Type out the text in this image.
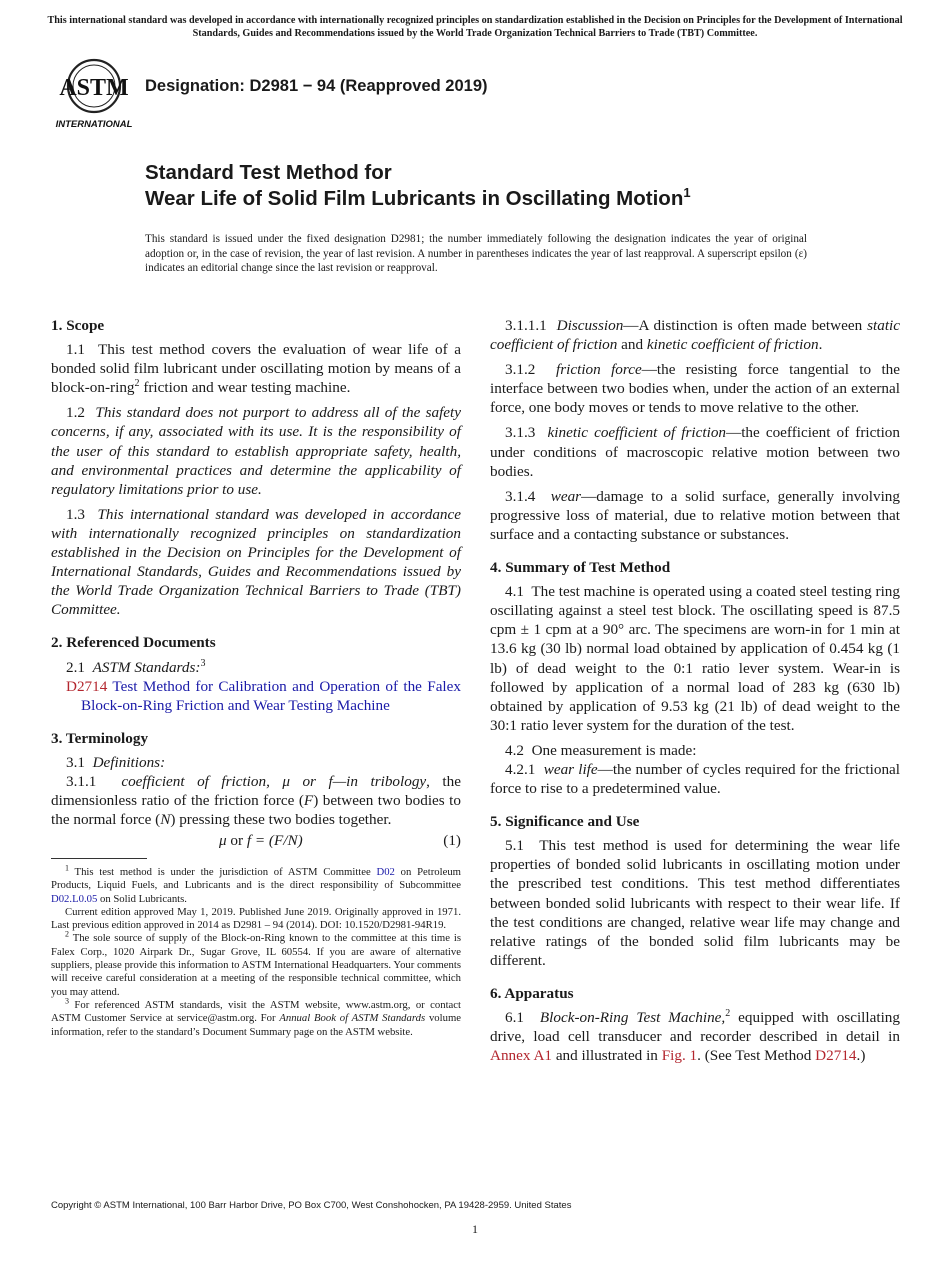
This international standard was developed in accordance with internationally recognized principles on standardization established in the Decision on Principles for the Development of International Standards, Guides and Recommendations issued by the World Trade Organization Technical Barriers to Trade (TBT) Committee.
ASTM
INTERNATIONAL
Designation: D2981 − 94 (Reapproved 2019)
Standard Test Method for
Wear Life of Solid Film Lubricants in Oscillating Motion$^1$
This standard is issued under the fixed designation D2981; the number immediately following the designation indicates the year of original adoption or, in the case of revision, the year of last revision. A number in parentheses indicates the year of last reapproval. A superscript epsilon (ε) indicates an editorial change since the last revision or reapproval.
1. Scope

1.1 This test method covers the evaluation of wear life of a bonded solid film lubricant under oscillating motion by means of a block-on-ring$^2$ friction and wear testing machine.

1.2 This standard does not purport to address all of the safety concerns, if any, associated with its use. It is the responsibility of the user of this standard to establish appropriate safety, health, and environmental practices and determine the applicability of regulatory limitations prior to use.

1.3 This international standard was developed in accordance with internationally recognized principles on standardization established in the Decision on Principles for the Development of International Standards, Guides and Recommendations issued by the World Trade Organization Technical Barriers to Trade (TBT) Committee.

2. Referenced Documents

2.1 ASTM Standards:$^3$

D2714 Test Method for Calibration and Operation of the Falex Block-on-Ring Friction and Wear Testing Machine

3. Terminology

3.1 Definitions:

3.1.1 coefficient of friction, μ or f—in tribology, the dimensionless ratio of the friction force (F) between two bodies to the normal force (N) pressing these two bodies together.

μ or f = (F/N)	(1)

$^1$ This test method is under the jurisdiction of ASTM Committee D02 on Petroleum Products, Liquid Fuels, and Lubricants and is the direct responsibility of Subcommittee D02.L0.05 on Solid Lubricants.

Current edition approved May 1, 2019. Published June 2019. Originally approved in 1971. Last previous edition approved in 2014 as D2981 – 94 (2014). DOI: 10.1520/D2981-94R19.

$^2$ The sole source of supply of the Block-on-Ring known to the committee at this time is Falex Corp., 1020 Airpark Dr., Sugar Grove, IL 60554. If you are aware of alternative suppliers, please provide this information to ASTM International Headquarters. Your comments will receive careful consideration at a meeting of the responsible technical committee, which you may attend.

$^3$ For referenced ASTM standards, visit the ASTM website, www.astm.org, or contact ASTM Customer Service at service@astm.org. For Annual Book of ASTM Standards volume information, refer to the standard’s Document Summary page on the ASTM website.

3.1.1.1 Discussion—A distinction is often made between static coefficient of friction and kinetic coefficient of friction.

3.1.2 friction force—the resisting force tangential to the interface between two bodies when, under the action of an external force, one body moves or tends to move relative to the other.

3.1.3 kinetic coefficient of friction—the coefficient of friction under conditions of macroscopic relative motion between two bodies.

3.1.4 wear—damage to a solid surface, generally involving progressive loss of material, due to relative motion between that surface and a contacting substance or substances.

4. Summary of Test Method

4.1 The test machine is operated using a coated steel testing ring oscillating against a steel test block. The oscillating speed is 87.5 cpm ± 1 cpm at a 90° arc. The specimens are worn-in for 1 min at 13.6 kg (30 lb) normal load obtained by application of 0.454 kg (1 lb) of dead weight to the 0:1 ratio lever system. Wear-in is followed by application of a normal load of 283 kg (630 lb) obtained by application of 9.53 kg (21 lb) of dead weight to the 30:1 ratio lever system for the duration of the test.

4.2 One measurement is made:

4.2.1 wear life—the number of cycles required for the frictional force to rise to a predetermined value.

5. Significance and Use

5.1 This test method is used for determining the wear life properties of bonded solid lubricants in oscillating motion under the prescribed test conditions. This test method differentiates between bonded solid lubricants with respect to their wear life. If the test conditions are changed, relative wear life may change and relative ratings of the bonded solid film lubricants may be different.

6. Apparatus

6.1 Block-on-Ring Test Machine,$^2$ equipped with oscillating drive, load cell transducer and recorder described in detail in Annex A1 and illustrated in Fig. 1. (See Test Method D2714.)

Copyright © ASTM International, 100 Barr Harbor Drive, PO Box C700, West Conshohocken, PA 19428-2959. United States
1
